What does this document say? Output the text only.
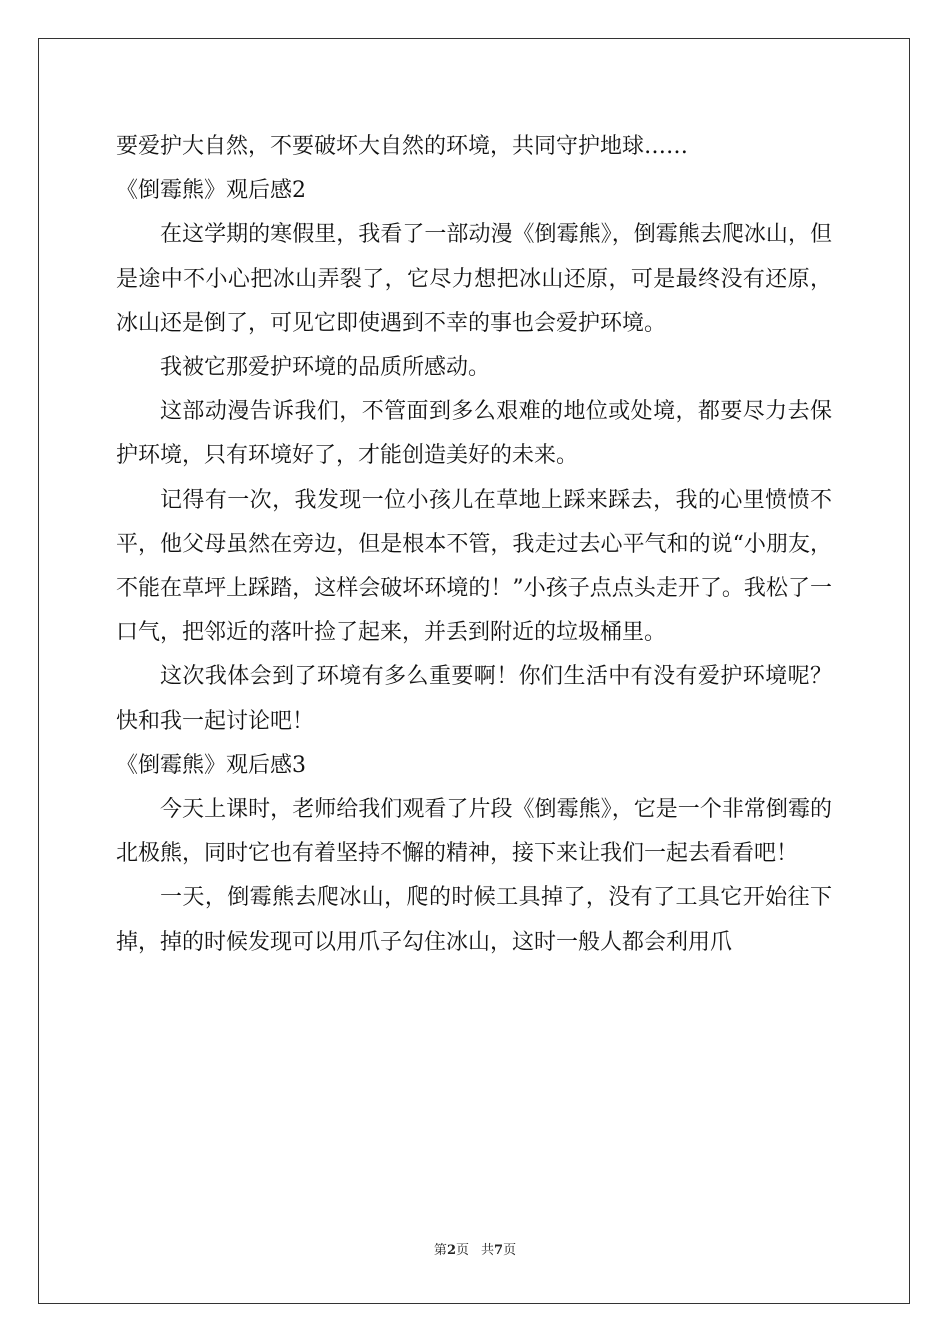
要爱护大自然，不要破坏大自然的环境，共同守护地球……

《倒霉熊》观后感2

在这学期的寒假里，我看了一部动漫《倒霉熊》，倒霉熊去爬冰山，但是途中不小心把冰山弄裂了，它尽力想把冰山还原，可是最终没有还原，冰山还是倒了，可见它即使遇到不幸的事也会爱护环境。

我被它那爱护环境的品质所感动。

这部动漫告诉我们，不管面到多么艰难的地位或处境，都要尽力去保护环境，只有环境好了，才能创造美好的未来。

记得有一次，我发现一位小孩儿在草地上踩来踩去，我的心里愤愤不平，他父母虽然在旁边，但是根本不管，我走过去心平气和的说“小朋友，不能在草坪上踩踏，这样会破坏环境的！”小孩子点点头走开了。我松了一口气，把邻近的落叶捡了起来，并丢到附近的垃圾桶里。

这次我体会到了环境有多么重要啊！你们生活中有没有爱护环境呢？快和我一起讨论吧！

《倒霉熊》观后感3

今天上课时，老师给我们观看了片段《倒霉熊》，它是一个非常倒霉的北极熊，同时它也有着坚持不懈的精神，接下来让我们一起去看看吧！

一天，倒霉熊去爬冰山，爬的时候工具掉了，没有了工具它开始往下掉，掉的时候发现可以用爪子勾住冰山，这时一般人都会利用爪

第2页 共7页
